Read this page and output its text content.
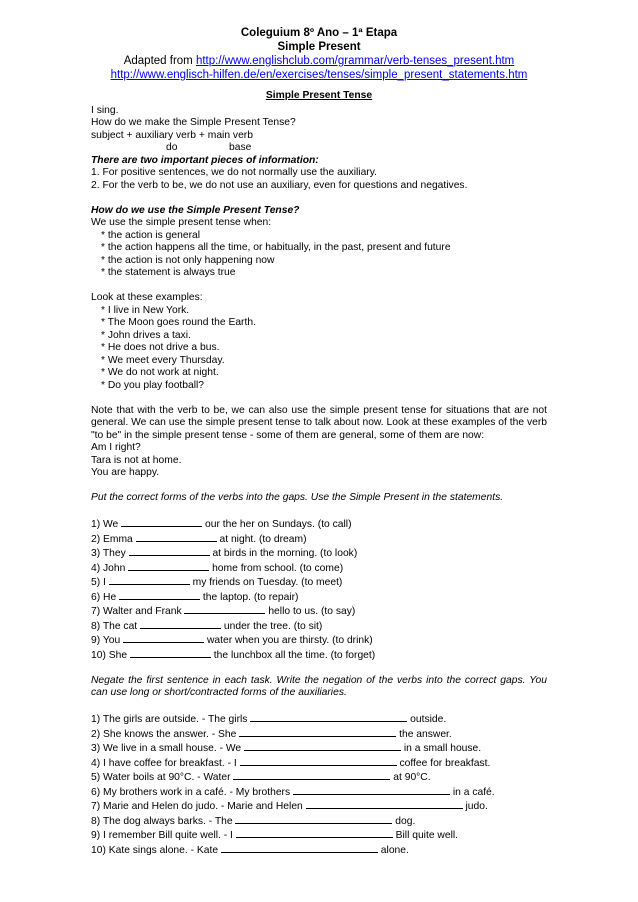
Coleguium 8º Ano – 1ª Etapa
Simple Present
Adapted from http://www.englishclub.com/grammar/verb-tenses_present.htm
http://www.englisch-hilfen.de/en/exercises/tenses/simple_present_statements.htm
Simple Present Tense
I sing.
How do we make the Simple Present Tense?
subject + auxiliary verb + main verb
do	base
There are two important pieces of information:
1. For positive sentences, we do not normally use the auxiliary.
2. For the verb to be, we do not use an auxiliary, even for questions and negatives.
How do we use the Simple Present Tense?
We use the simple present tense when:
* the action is general
* the action happens all the time, or habitually, in the past, present and future
* the action is not only happening now
* the statement is always true
Look at these examples:
* I live in New York.
* The Moon goes round the Earth.
* John drives a taxi.
* He does not drive a bus.
* We meet every Thursday.
* We do not work at night.
* Do you play football?
Note that with the verb to be, we can also use the simple present tense for situations that are not general. We can use the simple present tense to talk about now. Look at these examples of the verb "to be" in the simple present tense - some of them are general, some of them are now:
Am I right?
Tara is not at home.
You are happy.
Put the correct forms of the verbs into the gaps. Use the Simple Present in the statements.
1) We	our the her on Sundays. (to call)
2) Emma	at night. (to dream)
3) They	at birds in the morning. (to look)
4) John	home from school. (to come)
5) I	my friends on Tuesday. (to meet)
6) He	the laptop. (to repair)
7) Walter and Frank	hello to us. (to say)
8) The cat	under the tree. (to sit)
9) You	water when you are thirsty. (to drink)
10) She	the lunchbox all the time. (to forget)
Negate the first sentence in each task. Write the negation of the verbs into the correct gaps. You can use long or short/contracted forms of the auxiliaries.
1) The girls are outside. - The girls	outside.
2) She knows the answer. - She	the answer.
3) We live in a small house. - We	in a small house.
4) I have coffee for breakfast. - I	coffee for breakfast.
5) Water boils at 90°C. - Water	at 90°C.
6) My brothers work in a café. - My brothers	in a café.
7) Marie and Helen do judo. - Marie and Helen	judo.
8) The dog always barks. - The	dog.
9) I remember Bill quite well. - I	Bill quite well.
10) Kate sings alone. - Kate	alone.
